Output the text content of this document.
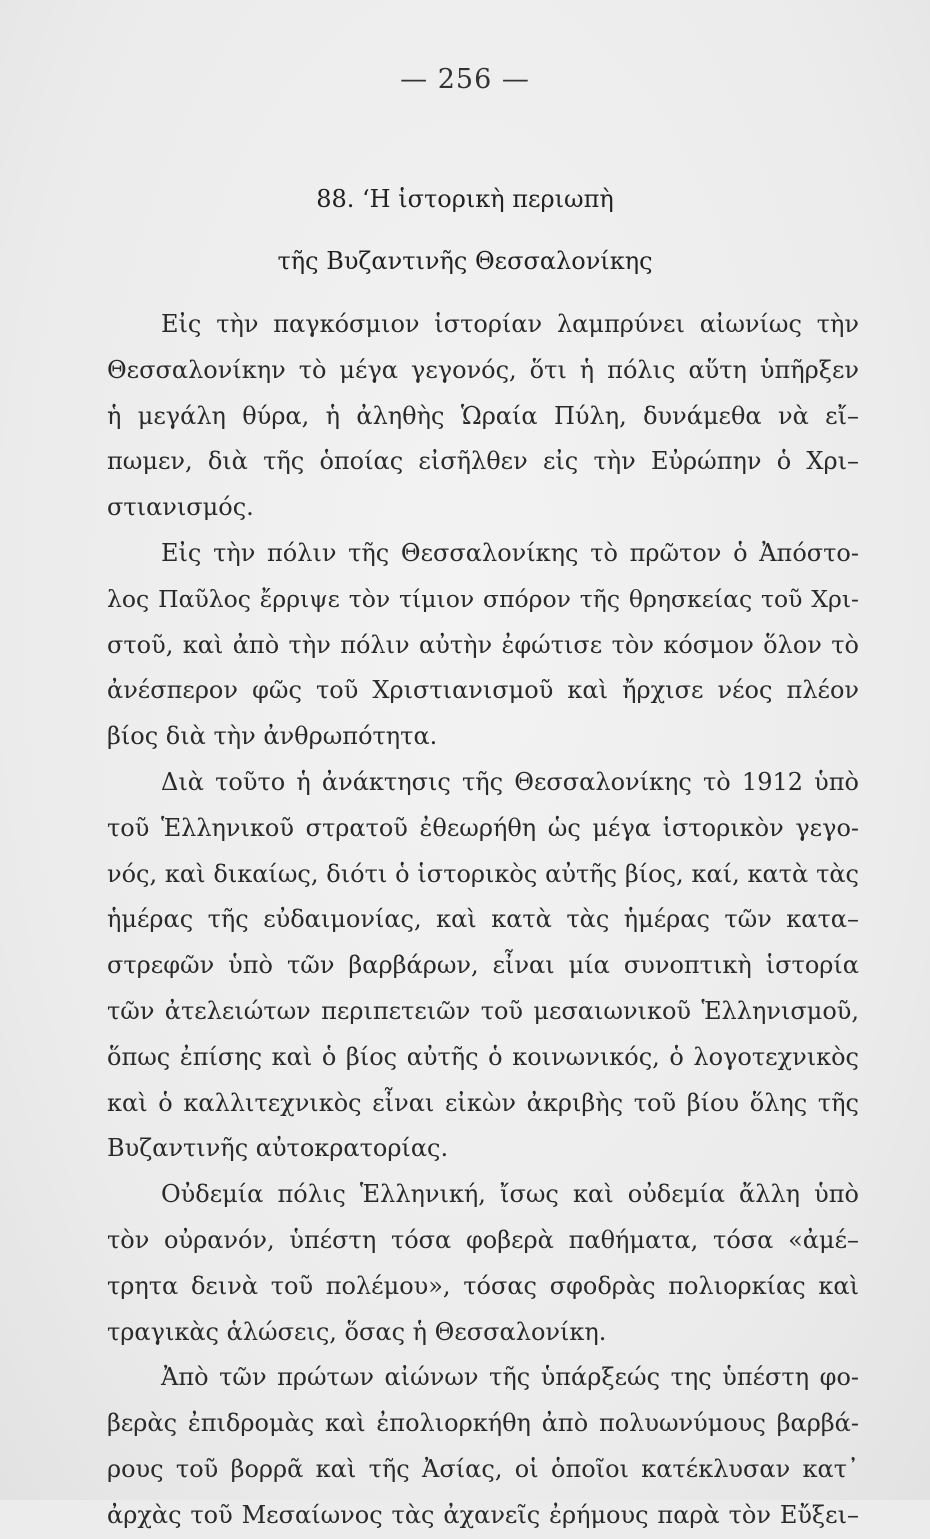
— 256 —
88. ‘Η ἱστορικὴ περιωπὴ
τῆς Βυζαντινῆς Θεσσαλονίκης

Εἰς τὴν παγκόσμιον ἱστορίαν λαμπρύνει αἰωνίως τὴν
Θεσσαλονίκην τὸ μέγα γεγονός, ὅτι ἡ πόλις αὕτη ὑπῆρξεν
ἡ μεγάλη θύρα, ἡ ἀληθὴς Ὡραία Πύλη, δυνάμεθα νὰ εἴ–
πωμεν, διὰ τῆς ὁποίας εἰσῆλθεν εἰς τὴν Εὐρώπην ὁ Χρι–
στιανισμός.

Εἰς τὴν πόλιν τῆς Θεσσαλονίκης τὸ πρῶτον ὁ Ἀπόστο-
λος Παῦλος ἔρριψε τὸν τίμιον σπόρον τῆς θρησκείας τοῦ Χρι-
στοῦ, καὶ ἀπὸ τὴν πόλιν αὐτὴν ἐφώτισε τὸν κόσμον ὅλον τὸ
ἀνέσπερον φῶς τοῦ Χριστιανισμοῦ καὶ ἤρχισε νέος πλέον
βίος διὰ τὴν ἀνθρωπότητα.

Διὰ τοῦτο ἡ ἀνάκτησις τῆς Θεσσαλονίκης τὸ 1912 ὑπὸ
τοῦ Ἑλληνικοῦ στρατοῦ ἐθεωρήθη ὡς μέγα ἱστορικὸν γεγο-
νός, καὶ δικαίως, διότι ὁ ἱστορικὸς αὐτῆς βίος, καί, κατὰ τὰς
ἡμέρας τῆς εὐδαιμονίας, καὶ κατὰ τὰς ἡμέρας τῶν κατα–
στρεφῶν ὑπὸ τῶν βαρβάρων, εἶναι μία συνοπτικὴ ἱστορία
τῶν ἀτελειώτων περιπετειῶν τοῦ μεσαιωνικοῦ Ἑλληνισμοῦ,
ὅπως ἐπίσης καὶ ὁ βίος αὐτῆς ὁ κοινωνικός, ὁ λογοτεχνικὸς
καὶ ὁ καλλιτεχνικὸς εἶναι εἰκὼν ἀκριβὴς τοῦ βίου ὅλης τῆς
Βυζαντινῆς αὐτοκρατορίας.

Οὐδεμία πόλις Ἑλληνική, ἴσως καὶ οὐδεμία ἄλλη ὑπὸ
τὸν οὐρανόν, ὑπέστη τόσα φοβερὰ παθήματα, τόσα «ἀμέ–
τρητα δεινὰ τοῦ πολέμου», τόσας σφοδρὰς πολιορκίας καὶ
τραγικὰς ἁλώσεις, ὅσας ἡ Θεσσαλονίκη.

Ἀπὸ τῶν πρώτων αἰώνων τῆς ὑπάρξεώς της ὑπέστη φο-
βερὰς ἐπιδρομὰς καὶ ἐπολιορκήθη ἀπὸ πολυωνύμους βαρβά-
ρους τοῦ βορρᾶ καὶ τῆς Ἀσίας, οἱ ὁποῖοι κατέκλυσαν κατ᾽
ἀρχὰς τοῦ Μεσαίωνος τὰς ἀχανεῖς ἐρήμους παρὰ τὸν Εὔξει–
